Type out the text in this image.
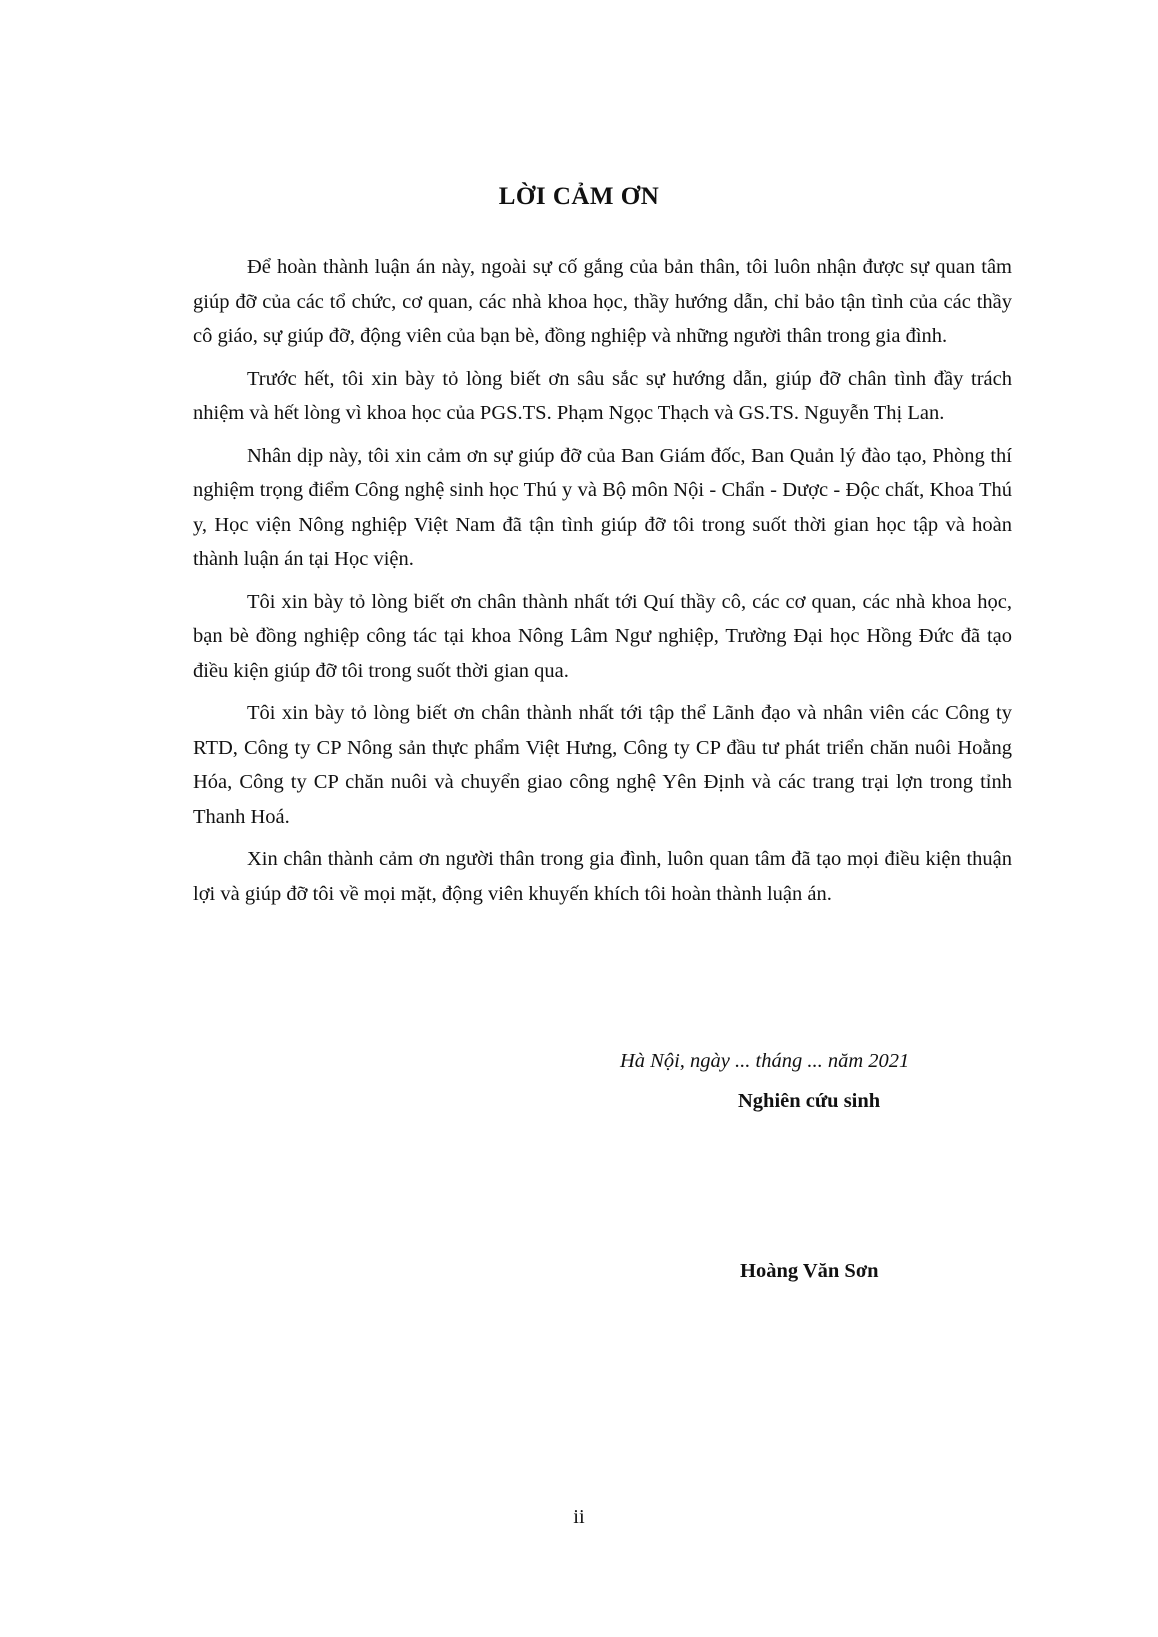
LỜI CẢM ƠN

Để hoàn thành luận án này, ngoài sự cố gắng của bản thân, tôi luôn nhận được sự quan tâm giúp đỡ của các tổ chức, cơ quan, các nhà khoa học, thầy hướng dẫn, chỉ bảo tận tình của các thầy cô giáo, sự giúp đỡ, động viên của bạn bè, đồng nghiệp và những người thân trong gia đình.

Trước hết, tôi xin bày tỏ lòng biết ơn sâu sắc sự hướng dẫn, giúp đỡ chân tình đầy trách nhiệm và hết lòng vì khoa học của PGS.TS. Phạm Ngọc Thạch và GS.TS. Nguyễn Thị Lan.

Nhân dịp này, tôi xin cảm ơn sự giúp đỡ của Ban Giám đốc, Ban Quản lý đào tạo, Phòng thí nghiệm trọng điểm Công nghệ sinh học Thú y và Bộ môn Nội - Chẩn - Dược - Độc chất, Khoa Thú y, Học viện Nông nghiệp Việt Nam đã tận tình giúp đỡ tôi trong suốt thời gian học tập và hoàn thành luận án tại Học viện.

Tôi xin bày tỏ lòng biết ơn chân thành nhất tới Quí thầy cô, các cơ quan, các nhà khoa học, bạn bè đồng nghiệp công tác tại khoa Nông Lâm Ngư nghiệp, Trường Đại học Hồng Đức đã tạo điều kiện giúp đỡ tôi trong suốt thời gian qua.

Tôi xin bày tỏ lòng biết ơn chân thành nhất tới tập thể Lãnh đạo và nhân viên các Công ty RTD, Công ty CP Nông sản thực phẩm Việt Hưng, Công ty CP đầu tư phát triển chăn nuôi Hoằng Hóa, Công ty CP chăn nuôi và chuyển giao công nghệ Yên Định và các trang trại lợn trong tỉnh Thanh Hoá.

Xin chân thành cảm ơn người thân trong gia đình, luôn quan tâm đã tạo mọi điều kiện thuận lợi và giúp đỡ tôi về mọi mặt, động viên khuyến khích tôi hoàn thành luận án.

Hà Nội, ngày ... tháng ... năm 2021

Nghiên cứu sinh

Hoàng Văn Sơn

ii
